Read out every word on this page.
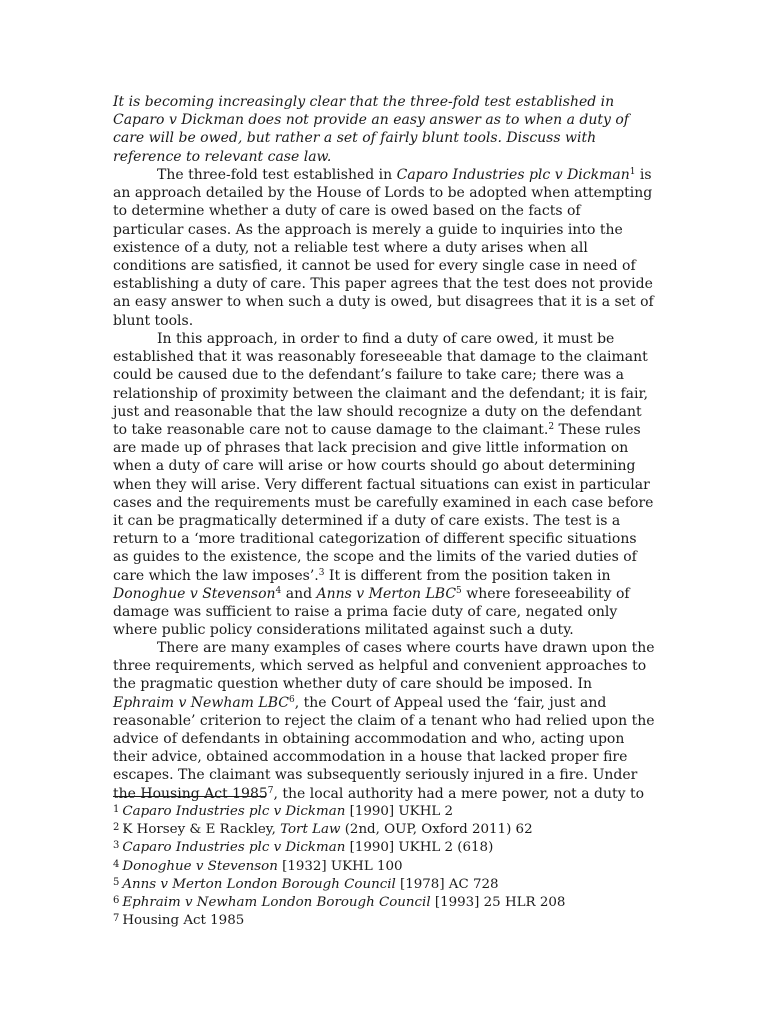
It is becoming increasingly clear that the three-fold test established in Caparo v Dickman does not provide an easy answer as to when a duty of care will be owed, but rather a set of fairly blunt tools. Discuss with reference to relevant case law.

The three-fold test established in Caparo Industries plc v Dickman$^1$ is an approach detailed by the House of Lords to be adopted when attempting to determine whether a duty of care is owed based on the facts of particular cases. As the approach is merely a guide to inquiries into the existence of a duty, not a reliable test where a duty arises when all conditions are satisfied, it cannot be used for every single case in need of establishing a duty of care. This paper agrees that the test does not provide an easy answer to when such a duty is owed, but disagrees that it is a set of blunt tools.

In this approach, in order to find a duty of care owed, it must be established that it was reasonably foreseeable that damage to the claimant could be caused due to the defendant’s failure to take care; there was a relationship of proximity between the claimant and the defendant; it is fair, just and reasonable that the law should recognize a duty on the defendant to take reasonable care not to cause damage to the claimant.$^2$ These rules are made up of phrases that lack precision and give little information on when a duty of care will arise or how courts should go about determining when they will arise. Very different factual situations can exist in particular cases and the requirements must be carefully examined in each case before it can be pragmatically determined if a duty of care exists. The test is a return to a ‘more traditional categorization of different specific situations as guides to the existence, the scope and the limits of the varied duties of care which the law imposes’.$^3$ It is different from the position taken in Donoghue v Stevenson$^4$ and Anns v Merton LBC$^5$ where foreseeability of damage was sufficient to raise a prima facie duty of care, negated only where public policy considerations militated against such a duty.

There are many examples of cases where courts have drawn upon the three requirements, which served as helpful and convenient approaches to the pragmatic question whether duty of care should be imposed. In Ephraim v Newham LBC$^6$, the Court of Appeal used the ‘fair, just and reasonable’ criterion to reject the claim of a tenant who had relied upon the advice of defendants in obtaining accommodation and who, acting upon their advice, obtained accommodation in a house that lacked proper fire escapes. The claimant was subsequently seriously injured in a fire. Under the Housing Act 1985$^7$, the local authority had a mere power, not a duty to

$^1$ Caparo Industries plc v Dickman [1990] UKHL 2
$^2$ K Horsey & E Rackley, Tort Law (2nd, OUP, Oxford 2011) 62
$^3$ Caparo Industries plc v Dickman [1990] UKHL 2 (618)
$^4$ Donoghue v Stevenson [1932] UKHL 100
$^5$ Anns v Merton London Borough Council [1978] AC 728
$^6$ Ephraim v Newham London Borough Council [1993] 25 HLR 208
$^7$ Housing Act 1985
